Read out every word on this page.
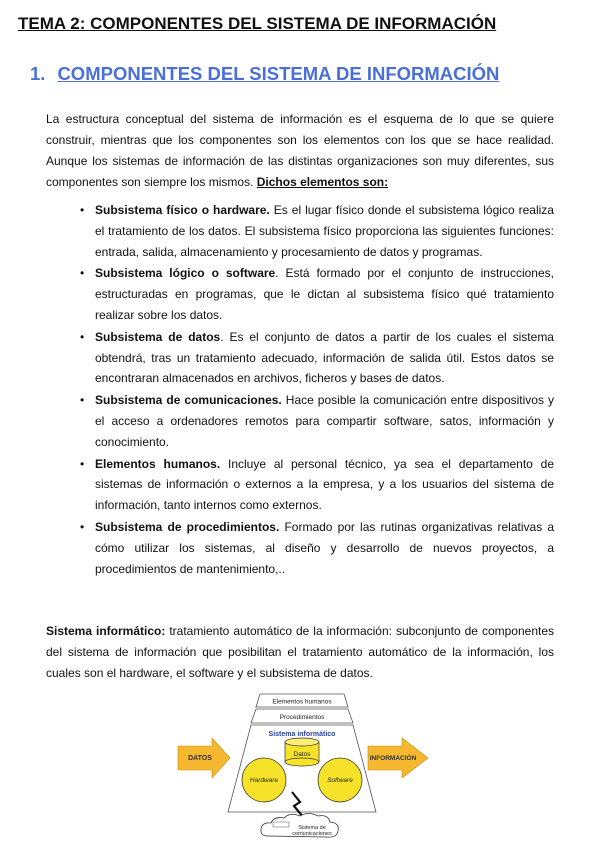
TEMA 2: COMPONENTES DEL SISTEMA DE INFORMACIÓN
1. COMPONENTES DEL SISTEMA DE INFORMACIÓN

La estructura conceptual del sistema de información es el esquema de lo que se quiere construir, mientras que los componentes son los elementos con los que se hace realidad. Aunque los sistemas de información de las distintas organizaciones son muy diferentes, sus componentes son siempre los mismos. Dichos elementos son:

• Subsistema físico o hardware. Es el lugar físico donde el subsistema lógico realiza el tratamiento de los datos. El subsistema físico proporciona las siguientes funciones: entrada, salida, almacenamiento y procesamiento de datos y programas.
• Subsistema lógico o software. Está formado por el conjunto de instrucciones, estructuradas en programas, que le dictan al subsistema físico qué tratamiento realizar sobre los datos.
• Subsistema de datos. Es el conjunto de datos a partir de los cuales el sistema obtendrá, tras un tratamiento adecuado, información de salida útil. Estos datos se encontraran almacenados en archivos, ficheros y bases de datos.
• Subsistema de comunicaciones. Hace posible la comunicación entre dispositivos y el acceso a ordenadores remotos para compartir software, satos, información y conocimiento.
• Elementos humanos. Incluye al personal técnico, ya sea el departamento de sistemas de información o externos a la empresa, y a los usuarios del sistema de información, tanto internos como externos.
• Subsistema de procedimientos. Formado por las rutinas organizativas relativas a cómo utilizar los sistemas, al diseño y desarrollo de nuevos proyectos, a procedimientos de mantenimiento,..

Sistema informático: tratamiento automático de la información: subconjunto de componentes del sistema de información que posibilitan el tratamiento automático de la información, los cuales son el hardware, el software y el subsistema de datos.

Elementos humanos
Procedimientos
Sistema informático
Datos
Hardware	Software
DATOS	INFORMACIÓN
Sistema de
comunicaciones
